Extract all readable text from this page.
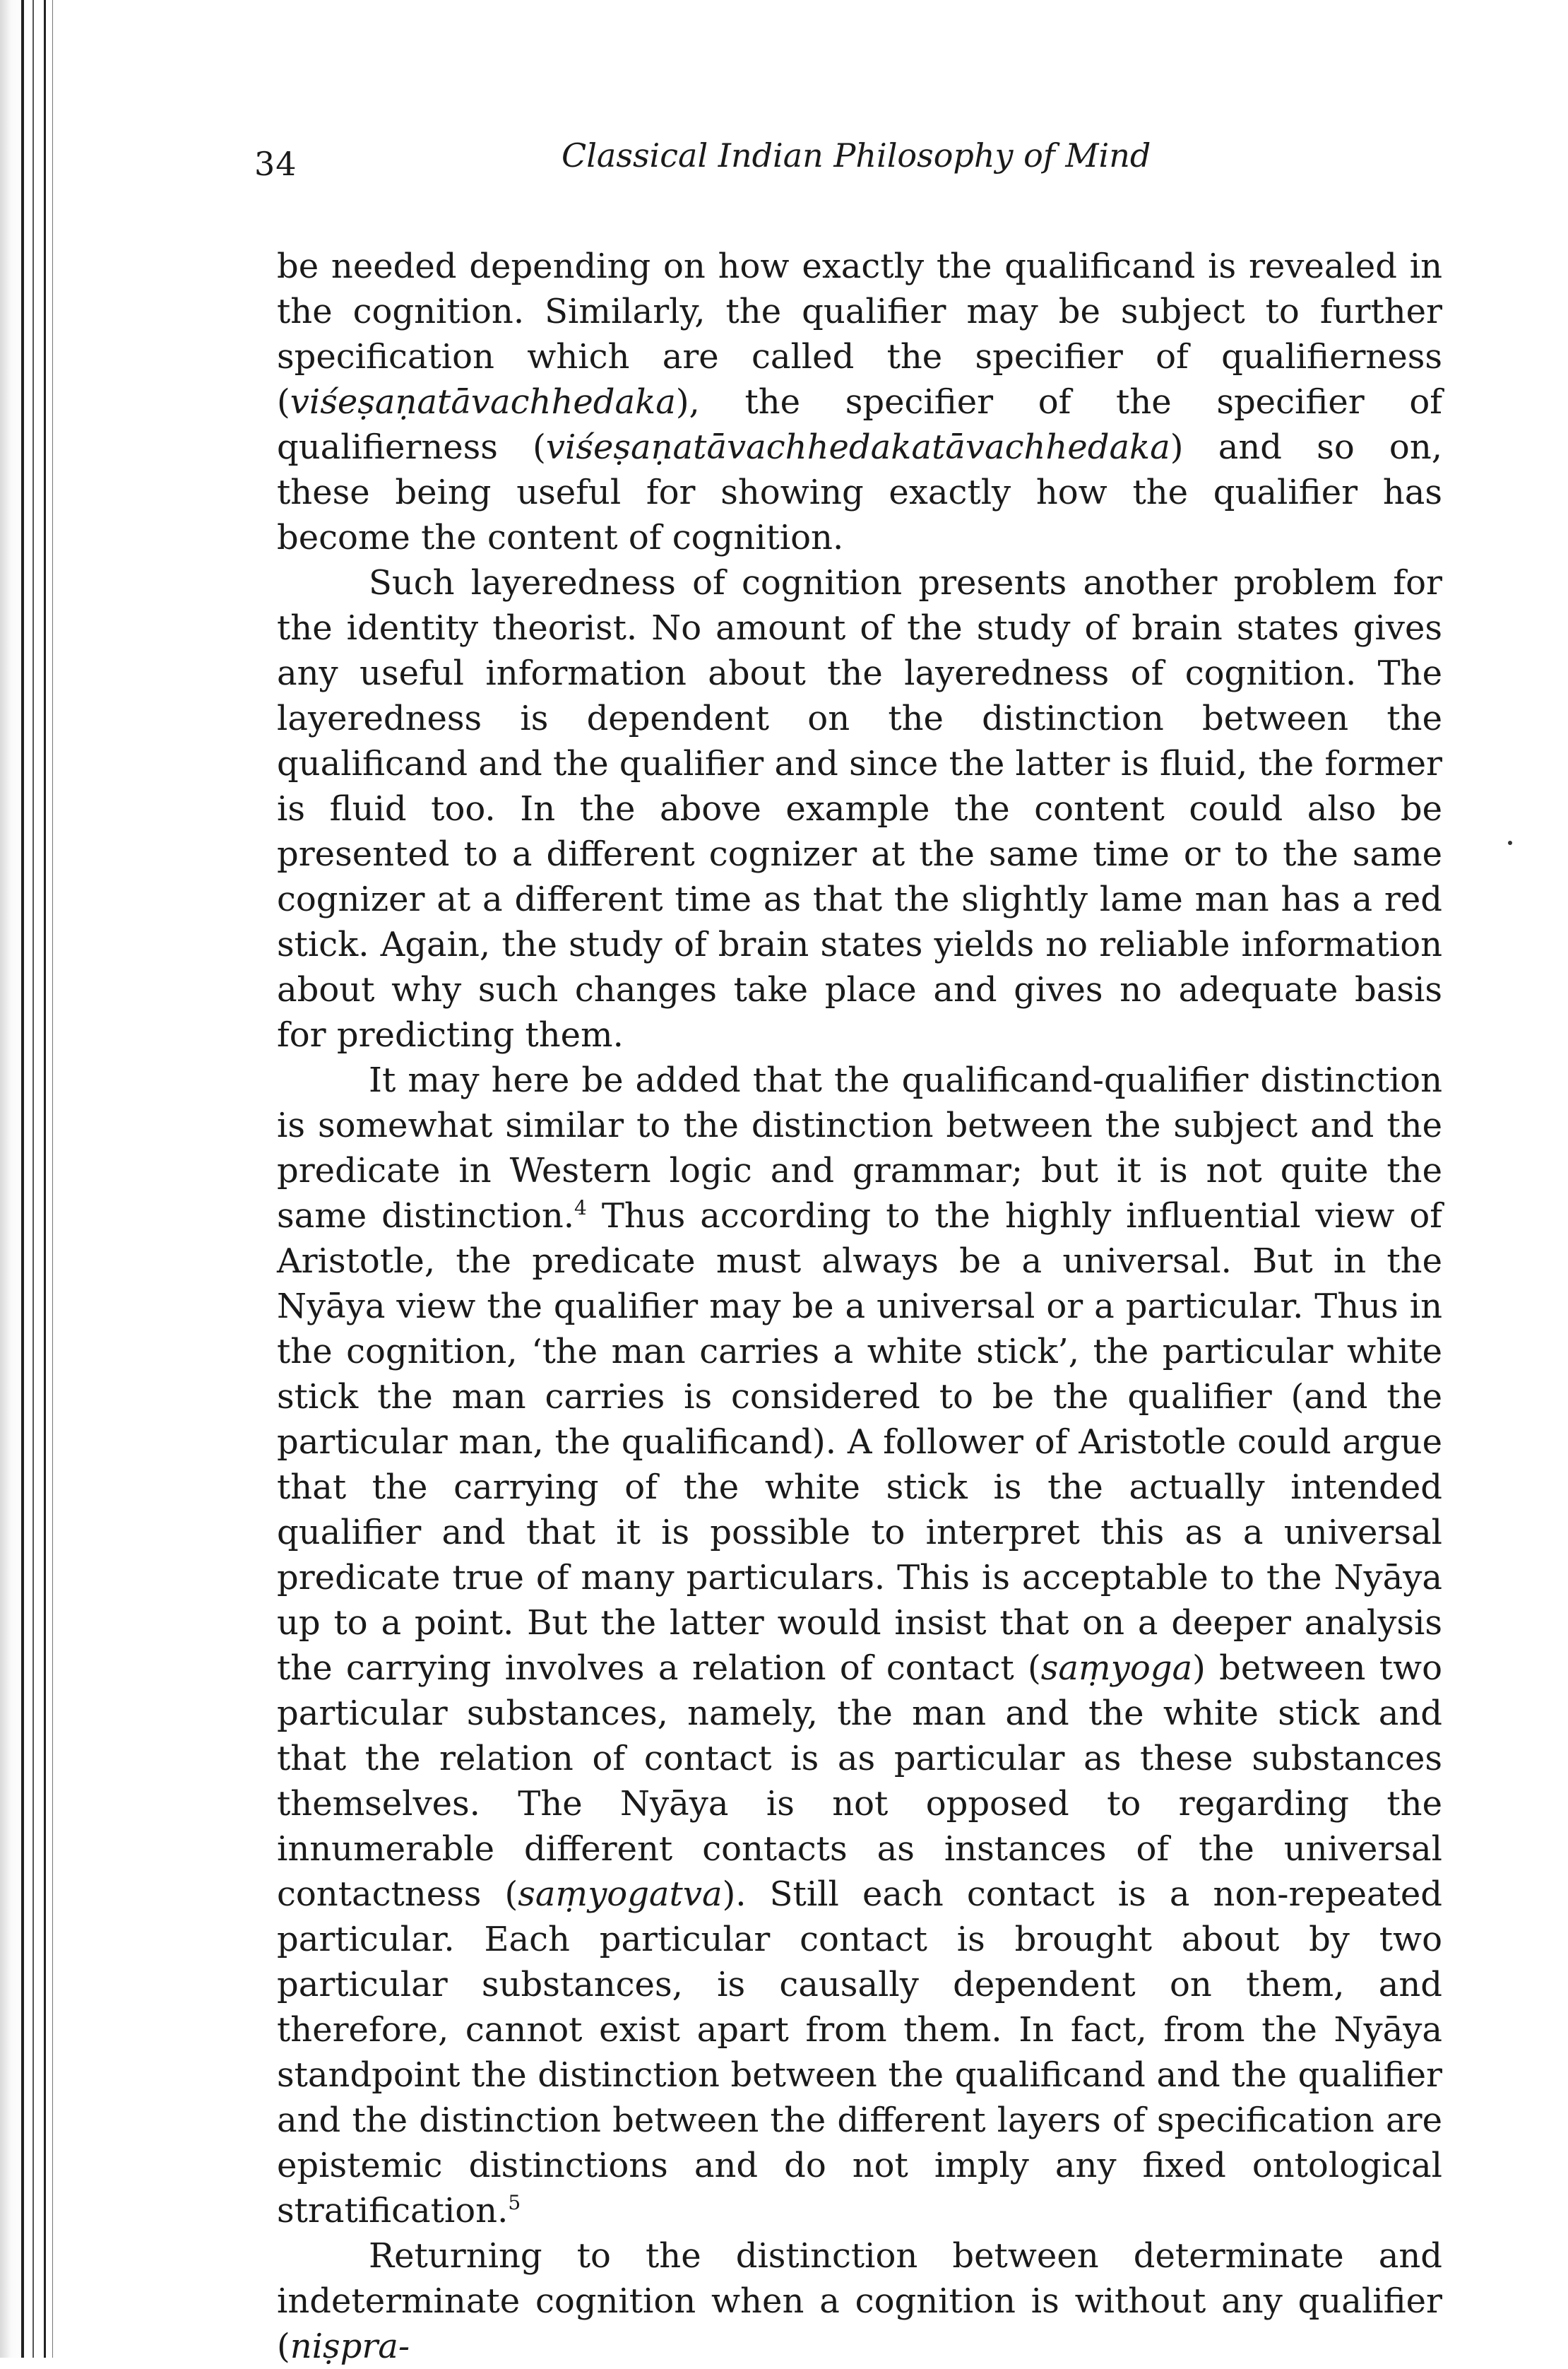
34	Classical Indian Philosophy of Mind

be needed depending on how exactly the qualificand is revealed in the cognition. Similarly, the qualifier may be subject to further specification which are called the specifier of qualifierness (viśeṣaṇatāvachhedaka), the specifier of the specifier of qualifierness (viśeṣaṇatāvachhedakatāvachhedaka) and so on, these being useful for showing exactly how the qualifier has become the content of cognition.

Such layeredness of cognition presents another problem for the identity theorist. No amount of the study of brain states gives any useful information about the layeredness of cognition. The layeredness is dependent on the distinction between the qualificand and the qualifier and since the latter is fluid, the former is fluid too. In the above example the content could also be presented to a different cognizer at the same time or to the same cognizer at a different time as that the slightly lame man has a red stick. Again, the study of brain states yields no reliable information about why such changes take place and gives no adequate basis for predicting them.

It may here be added that the qualificand-qualifier distinction is somewhat similar to the distinction between the subject and the predicate in Western logic and grammar; but it is not quite the same distinction.$^4$ Thus according to the highly influential view of Aristotle, the predicate must always be a universal. But in the Nyāya view the qualifier may be a universal or a particular. Thus in the cognition, ‘the man carries a white stick’, the particular white stick the man carries is considered to be the qualifier (and the particular man, the qualificand). A follower of Aristotle could argue that the carrying of the white stick is the actually intended qualifier and that it is possible to interpret this as a universal predicate true of many particulars. This is acceptable to the Nyāya up to a point. But the latter would insist that on a deeper analysis the carrying involves a relation of contact (saṃyoga) between two particular substances, namely, the man and the white stick and that the relation of contact is as particular as these substances themselves. The Nyāya is not opposed to regarding the innumerable different contacts as instances of the universal contactness (saṃyogatva). Still each contact is a non-repeated particular. Each particular contact is brought about by two particular substances, is causally dependent on them, and therefore, cannot exist apart from them. In fact, from the Nyāya standpoint the distinction between the qualificand and the qualifier and the distinction between the different layers of specification are epistemic distinctions and do not imply any fixed ontological stratification.$^5$

Returning to the distinction between determinate and indeterminate cognition when a cognition is without any qualifier (niṣpra-
